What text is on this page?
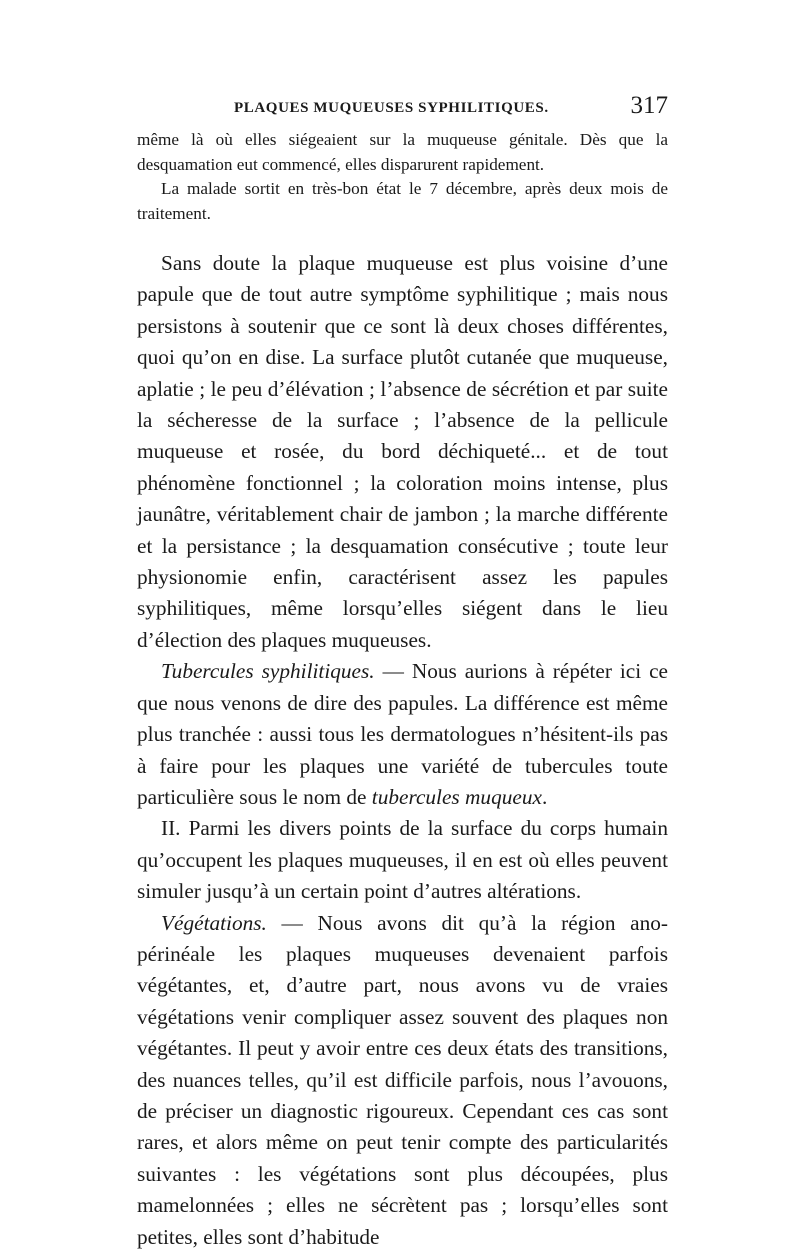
PLAQUES MUQUEUSES SYPHILITIQUES.	317

même là où elles siégeaient sur la muqueuse génitale. Dès que la desquamation eut commencé, elles disparurent rapidement.

La malade sortit en très-bon état le 7 décembre, après deux mois de traitement.

Sans doute la plaque muqueuse est plus voisine d’une papule que de tout autre symptôme syphilitique ; mais nous persistons à soutenir que ce sont là deux choses différentes, quoi qu’on en dise. La surface plutôt cutanée que muqueuse, aplatie ; le peu d’élévation ; l’absence de sécrétion et par suite la sécheresse de la surface ; l’absence de la pellicule muqueuse et rosée, du bord déchiqueté... et de tout phénomène fonctionnel ; la coloration moins intense, plus jaunâtre, véritablement chair de jambon ; la marche différente et la persistance ; la desquamation consécutive ; toute leur physionomie enfin, caractérisent assez les papules syphilitiques, même lorsqu’elles siégent dans le lieu d’élection des plaques muqueuses.

Tubercules syphilitiques. — Nous aurions à répéter ici ce que nous venons de dire des papules. La différence est même plus tranchée : aussi tous les dermatologues n’hésitent-ils pas à faire pour les plaques une variété de tubercules toute particulière sous le nom de tubercules muqueux.

II. Parmi les divers points de la surface du corps humain qu’occupent les plaques muqueuses, il en est où elles peuvent simuler jusqu’à un certain point d’autres altérations.

Végétations. — Nous avons dit qu’à la région ano-périnéale les plaques muqueuses devenaient parfois végétantes, et, d’autre part, nous avons vu de vraies végétations venir compliquer assez souvent des plaques non végétantes. Il peut y avoir entre ces deux états des transitions, des nuances telles, qu’il est difficile parfois, nous l’avouons, de préciser un diagnostic rigoureux. Cependant ces cas sont rares, et alors même on peut tenir compte des particularités suivantes : les végétations sont plus découpées, plus mamelonnées ; elles ne sécrètent pas ; lorsqu’elles sont petites, elles sont d’habitude
